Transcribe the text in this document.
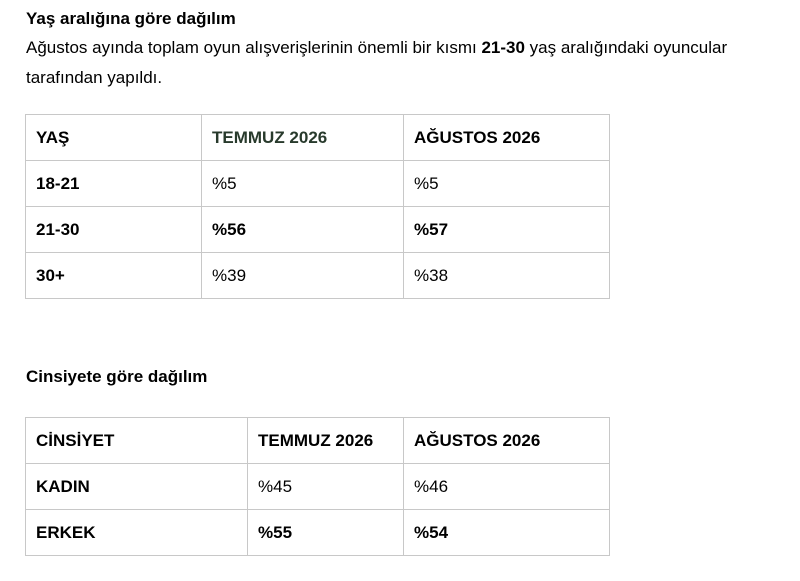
Yaş aralığına göre dağılım

Ağustos ayında toplam oyun alışverişlerinin önemli bir kısmı 21-30 yaş aralığındaki oyuncular tarafından yapıldı.

YAŞ	TEMMUZ 2026	AĞUSTOS 2026
18-21	%5	%5
21-30	%56	%57
30+	%39	%38
Cinsiyete göre dağılım
CİNSİYET	TEMMUZ 2026	AĞUSTOS 2026
KADIN	%45	%46
ERKEK	%55	%54
